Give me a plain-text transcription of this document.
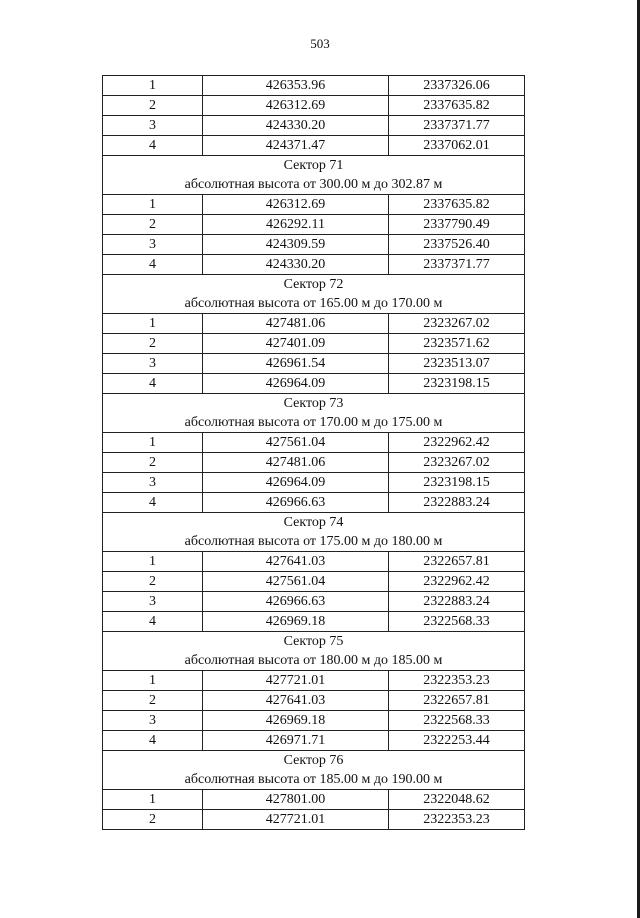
503
1	426353.96	2337326.06
2	426312.69	2337635.82
3	424330.20	2337371.77
4	424371.47	2337062.01

Сектор 71
абсолютная высота от 300.00 м до 302.87 м		

1	426312.69	2337635.82
2	426292.11	2337790.49
3	424309.59	2337526.40
4	424330.20	2337371.77

Сектор 72
абсолютная высота от 165.00 м до 170.00 м		

1	427481.06	2323267.02
2	427401.09	2323571.62
3	426961.54	2323513.07
4	426964.09	2323198.15

Сектор 73
абсолютная высота от 170.00 м до 175.00 м		

1	427561.04	2322962.42
2	427481.06	2323267.02
3	426964.09	2323198.15
4	426966.63	2322883.24

Сектор 74
абсолютная высота от 175.00 м до 180.00 м		

1	427641.03	2322657.81
2	427561.04	2322962.42
3	426966.63	2322883.24
4	426969.18	2322568.33

Сектор 75
абсолютная высота от 180.00 м до 185.00 м		

1	427721.01	2322353.23
2	427641.03	2322657.81
3	426969.18	2322568.33
4	426971.71	2322253.44

Сектор 76
абсолютная высота от 185.00 м до 190.00 м		

1	427801.00	2322048.62
2	427721.01	2322353.23
